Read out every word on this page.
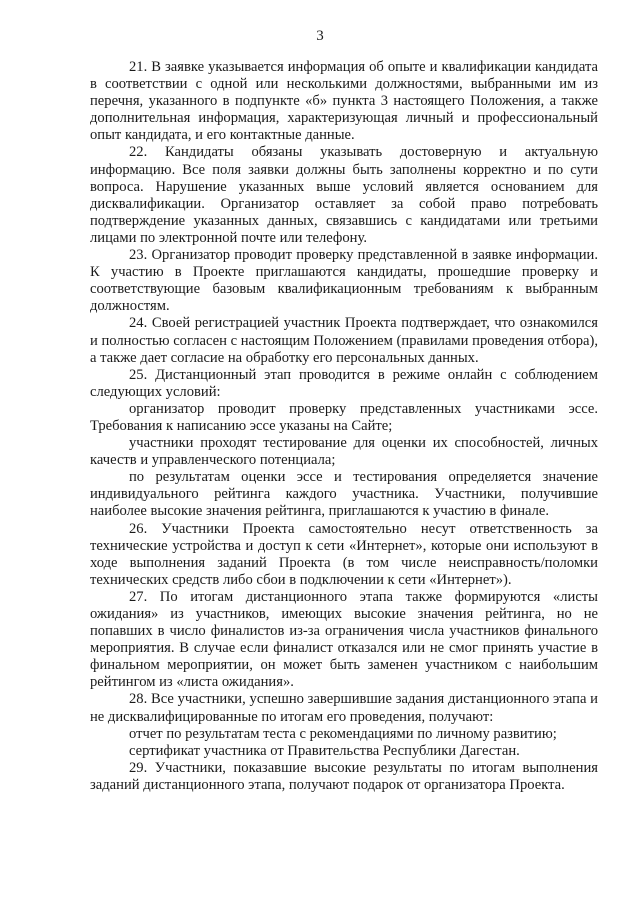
3

21. В заявке указывается информация об опыте и квалификации кандидата в соответствии с одной или несколькими должностями, выбранными им из перечня, указанного в подпункте «б» пункта 3 настоящего Положения, а также дополнительная информация, характеризующая личный и профессиональный опыт кандидата, и его контактные данные.

22. Кандидаты обязаны указывать достоверную и актуальную информацию. Все поля заявки должны быть заполнены корректно и по сути вопроса. Нарушение указанных выше условий является основанием для дисквалификации. Организатор оставляет за собой право потребовать подтверждение указанных данных, связавшись с кандидатами или третьими лицами по электронной почте или телефону.

23. Организатор проводит проверку представленной в заявке информации. К участию в Проекте приглашаются кандидаты, прошедшие проверку и соответствующие базовым квалификационным требованиям к выбранным должностям.

24. Своей регистрацией участник Проекта подтверждает, что ознакомился и полностью согласен с настоящим Положением (правилами проведения отбора), а также дает согласие на обработку его персональных данных.

25. Дистанционный этап проводится в режиме онлайн с соблюдением следующих условий:

организатор проводит проверку представленных участниками эссе. Требования к написанию эссе указаны на Сайте;

участники проходят тестирование для оценки их способностей, личных качеств и управленческого потенциала;

по результатам оценки эссе и тестирования определяется значение индивидуального рейтинга каждого участника. Участники, получившие наиболее высокие значения рейтинга, приглашаются к участию в финале.

26. Участники Проекта самостоятельно несут ответственность за технические устройства и доступ к сети «Интернет», которые они используют в ходе выполнения заданий Проекта (в том числе неисправность/поломки технических средств либо сбои в подключении к сети «Интернет»).

27. По итогам дистанционного этапа также формируются «листы ожидания» из участников, имеющих высокие значения рейтинга, но не попавших в число финалистов из-за ограничения числа участников финального мероприятия. В случае если финалист отказался или не смог принять участие в финальном мероприятии, он может быть заменен участником с наибольшим рейтингом из «листа ожидания».

28. Все участники, успешно завершившие задания дистанционного этапа и не дисквалифицированные по итогам его проведения, получают:

отчет по результатам теста с рекомендациями по личному развитию;

сертификат участника от Правительства Республики Дагестан.

29. Участники, показавшие высокие результаты по итогам выполнения заданий дистанционного этапа, получают подарок от организатора Проекта.
